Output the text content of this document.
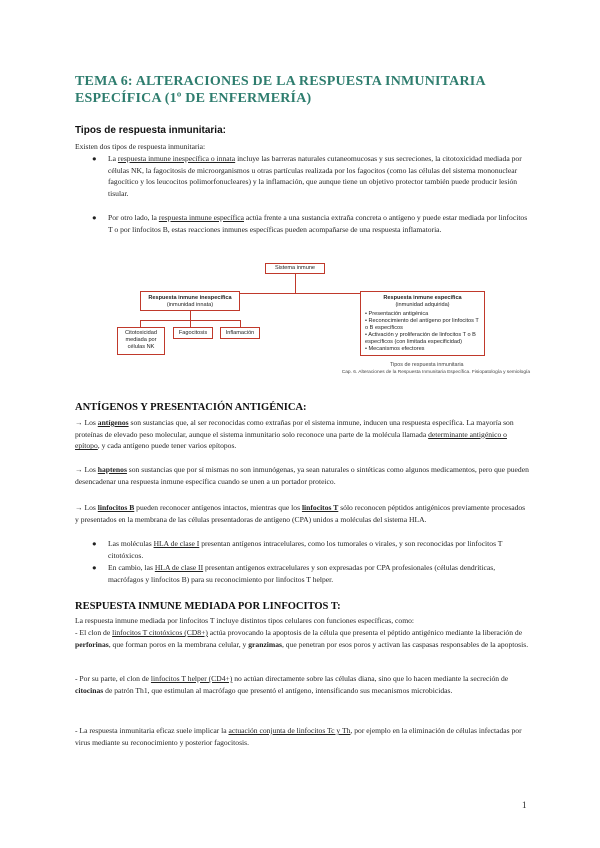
TEMA 6: ALTERACIONES DE LA RESPUESTA INMUNITARIA ESPECÍFICA (1º DE ENFERMERÍA)
Tipos de respuesta inmunitaria:
Existen dos tipos de respuesta inmunitaria:
● La respuesta inmune inespecífica o innata incluye las barreras naturales cutaneomucosas y sus secreciones, la citotoxicidad mediada por células NK, la fagocitosis de microorganismos u otras partículas realizada por los fagocitos (como las células del sistema mononuclear fagocítico y los leucocitos polimorfonucleares) y la inflamación, que aunque tiene un objetivo protector también puede producir lesión tisular.
● Por otro lado, la respuesta inmune específica actúa frente a una sustancia extraña concreta o antígeno y puede estar mediada por linfocitos T o por linfocitos B, estas reacciones inmunes específicas pueden acompañarse de una respuesta inflamatoria.
Sistema inmune
Respuesta inmune inespecífica
(inmunidad innata)
Citotoxicidad mediada por células NK
Fagocitosis	Inflamación
Respuesta inmune específica
(inmunidad adquirida)
• Presentación antigénica
• Reconocimiento del antígeno por linfocitos T o B específicos
• Activación y proliferación de linfocitos T o B específicos (con limitada especificidad)
• Mecanismos efectores
Tipos de respuesta inmunitaria
Cap. 6. Alteraciones de la Respuesta Inmunitaria Específica. Fisiopatología y semiología
ANTÍGENOS Y PRESENTACIÓN ANTIGÉNICA:
→ Los antígenos son sustancias que, al ser reconocidas como extrañas por el sistema inmune, inducen una respuesta específica. La mayoría son proteínas de elevado peso molecular, aunque el sistema inmunitario solo reconoce una parte de la molécula llamada determinante antigénico o epítopo, y cada antígeno puede tener varios epítopos.
→ Los haptenos son sustancias que por sí mismas no son inmunógenas, ya sean naturales o sintéticas como algunos medicamentos, pero que pueden desencadenar una respuesta inmune específica cuando se unen a un portador proteico.
→ Los linfocitos B pueden reconocer antígenos intactos, mientras que los linfocitos T sólo reconocen péptidos antigénicos previamente procesados y presentados en la membrana de las células presentadoras de antígeno (CPA) unidos a moléculas del sistema HLA.
● Las moléculas HLA de clase I presentan antígenos intracelulares, como los tumorales o virales, y son reconocidas por linfocitos T citotóxicos.
● En cambio, las HLA de clase II presentan antígenos extracelulares y son expresadas por CPA profesionales (células dendríticas, macrófagos y linfocitos B) para su reconocimiento por linfocitos T helper.
RESPUESTA INMUNE MEDIADA POR LINFOCITOS T:
La respuesta inmune mediada por linfocitos T incluye distintos tipos celulares con funciones específicas, como:
- El clon de linfocitos T citotóxicos (CD8+) actúa provocando la apoptosis de la célula que presenta el péptido antigénico mediante la liberación de perforinas, que forman poros en la membrana celular, y granzimas, que penetran por esos poros y activan las caspasas responsables de la apoptosis.
- Por su parte, el clon de linfocitos T helper (CD4+) no actúan directamente sobre las células diana, sino que lo hacen mediante la secreción de citocinas de patrón Th1, que estimulan al macrófago que presentó el antígeno, intensificando sus mecanismos microbicidas.
- La respuesta inmunitaria eficaz suele implicar la actuación conjunta de linfocitos Tc y Th, por ejemplo en la eliminación de células infectadas por virus mediante su reconocimiento y posterior fagocitosis.
1
